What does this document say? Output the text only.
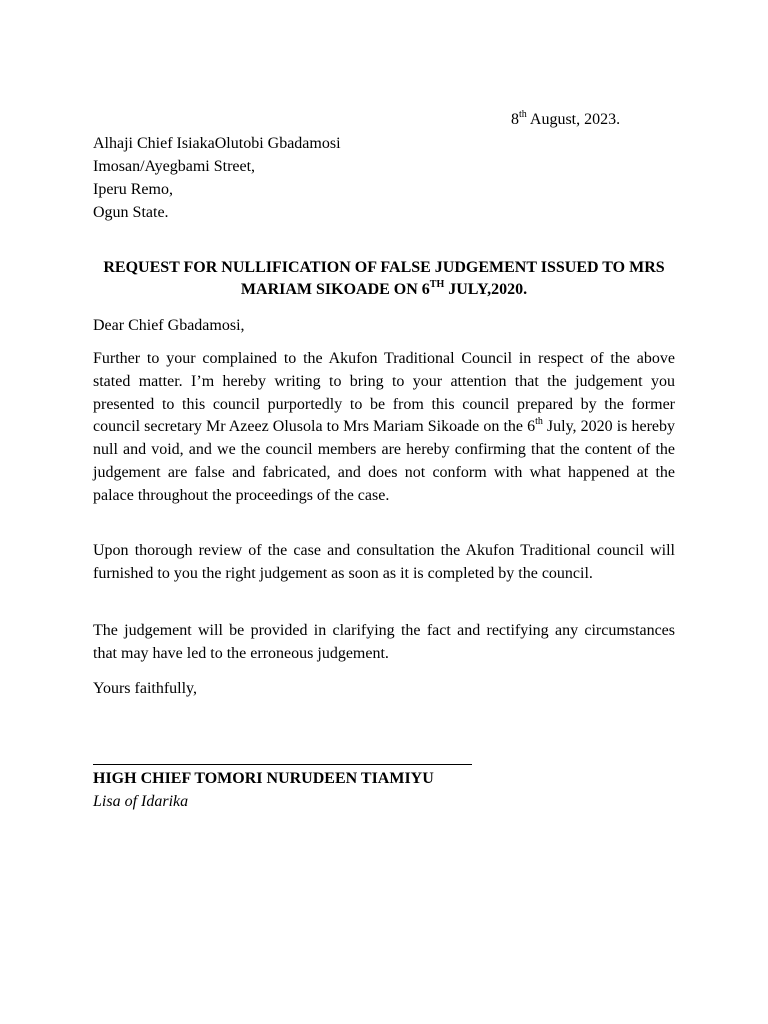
8th August, 2023.
Alhaji Chief IsiakaOlutobi Gbadamosi
Imosan/Ayegbami Street,
Iperu Remo,
Ogun State.
REQUEST FOR NULLIFICATION OF FALSE JUDGEMENT ISSUED TO MRS MARIAM SIKOADE ON 6TH JULY,2020.
Dear Chief Gbadamosi,
Further to your complained to the Akufon Traditional Council in respect of the above stated matter. I’m hereby writing to bring to your attention that the judgement you presented to this council purportedly to be from this council prepared by the former council secretary Mr Azeez Olusola to Mrs Mariam Sikoade on the 6th July, 2020 is hereby null and void, and we the council members are hereby confirming that the content of the judgement are false and fabricated, and does not conform with what happened at the palace throughout the proceedings of the case.
Upon thorough review of the case and consultation the Akufon Traditional council will furnished to you the right judgement as soon as it is completed by the council.
The judgement will be provided in clarifying the fact and rectifying any circumstances that may have led to the erroneous judgement.
Yours faithfully,
HIGH CHIEF TOMORI NURUDEEN TIAMIYU
Lisa of Idarika
